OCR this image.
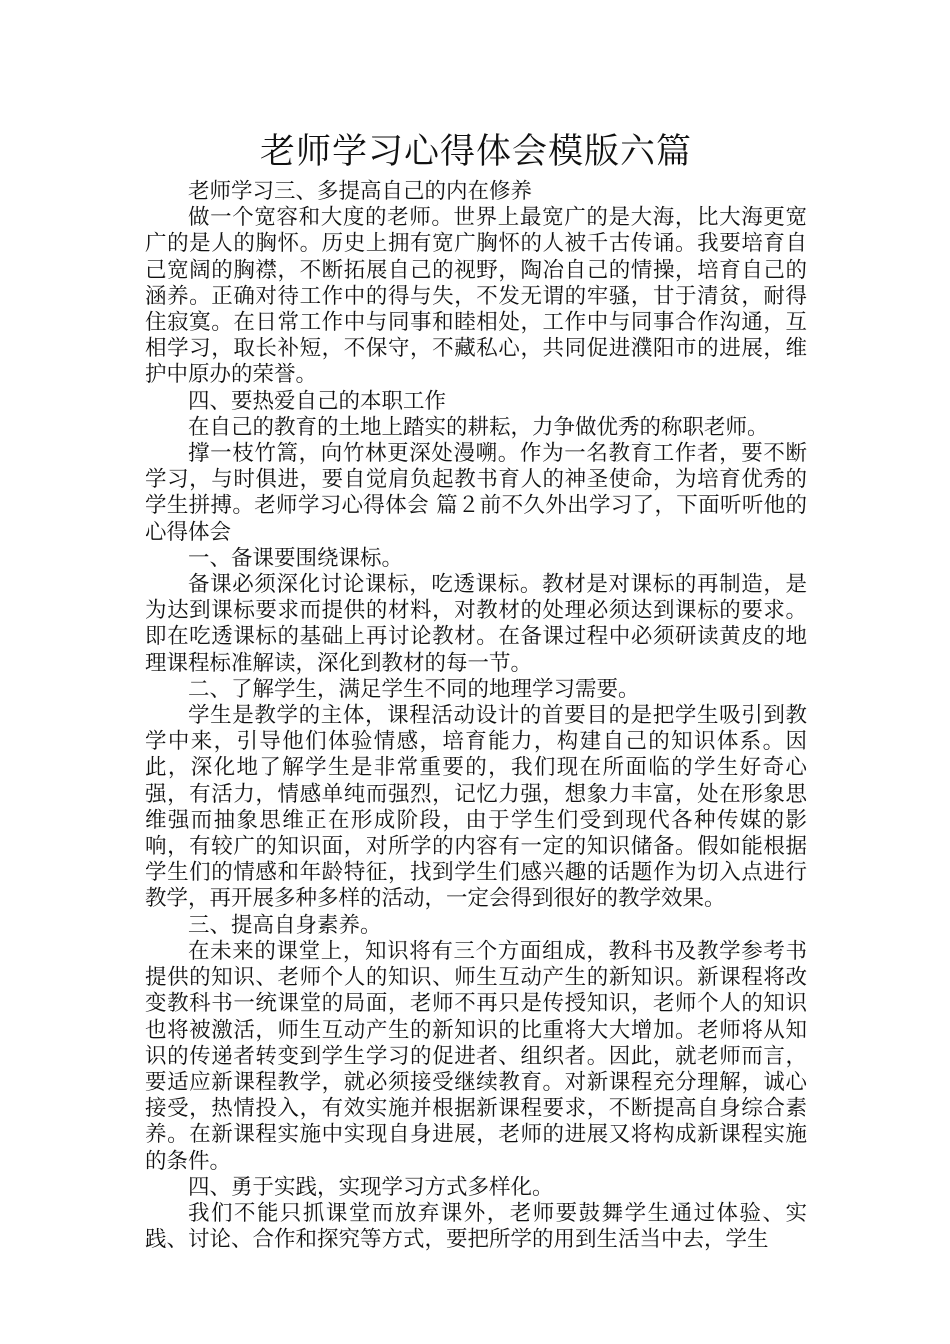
老师学习心得体会模版六篇

老师学习三、多提高自己的内在修养

做一个宽容和大度的老师。世界上最宽广的是大海，比大海更宽广的是人的胸怀。历史上拥有宽广胸怀的人被千古传诵。我要培育自己宽阔的胸襟，不断拓展自己的视野，陶冶自己的情操，培育自己的涵养。正确对待工作中的得与失，不发无谓的牢骚，甘于清贫，耐得住寂寞。在日常工作中与同事和睦相处，工作中与同事合作沟通，互相学习，取长补短，不保守，不藏私心，共同促进濮阳市的进展，维护中原办的荣誉。

四、要热爱自己的本职工作

在自己的教育的土地上踏实的耕耘，力争做优秀的称职老师。

撑一枝竹篙，向竹林更深处漫嗍。作为一名教育工作者，要不断学习，与时俱进，要自觉肩负起教书育人的神圣使命，为培育优秀的学生拼搏。老师学习心得体会 篇２前不久外出学习了，下面听听他的心得体会

一、备课要围绕课标。

备课必须深化讨论课标，吃透课标。教材是对课标的再制造，是为达到课标要求而提供的材料，对教材的处理必须达到课标的要求。即在吃透课标的基础上再讨论教材。在备课过程中必须研读黄皮的地理课程标准解读，深化到教材的每一节。

二、了解学生，满足学生不同的地理学习需要。

学生是教学的主体，课程活动设计的首要目的是把学生吸引到教学中来，引导他们体验情感，培育能力，构建自己的知识体系。因此，深化地了解学生是非常重要的，我们现在所面临的学生好奇心强，有活力，情感单纯而强烈，记忆力强，想象力丰富，处在形象思维强而抽象思维正在形成阶段，由于学生们受到现代各种传媒的影响，有较广的知识面，对所学的内容有一定的知识储备。假如能根据学生们的情感和年龄特征，找到学生们感兴趣的话题作为切入点进行教学，再开展多种多样的活动，一定会得到很好的教学效果。

三、提高自身素养。

在未来的课堂上，知识将有三个方面组成，教科书及教学参考书提供的知识、老师个人的知识、师生互动产生的新知识。新课程将改变教科书一统课堂的局面，老师不再只是传授知识，老师个人的知识也将被激活，师生互动产生的新知识的比重将大大增加。老师将从知识的传递者转变到学生学习的促进者、组织者。因此，就老师而言，要适应新课程教学，就必须接受继续教育。对新课程充分理解，诚心接受，热情投入，有效实施并根据新课程要求，不断提高自身综合素养。在新课程实施中实现自身进展，老师的进展又将构成新课程实施的条件。

四、勇于实践，实现学习方式多样化。

我们不能只抓课堂而放弃课外，老师要鼓舞学生通过体验、实践、讨论、合作和探究等方式，要把所学的用到生活当中去，学生
